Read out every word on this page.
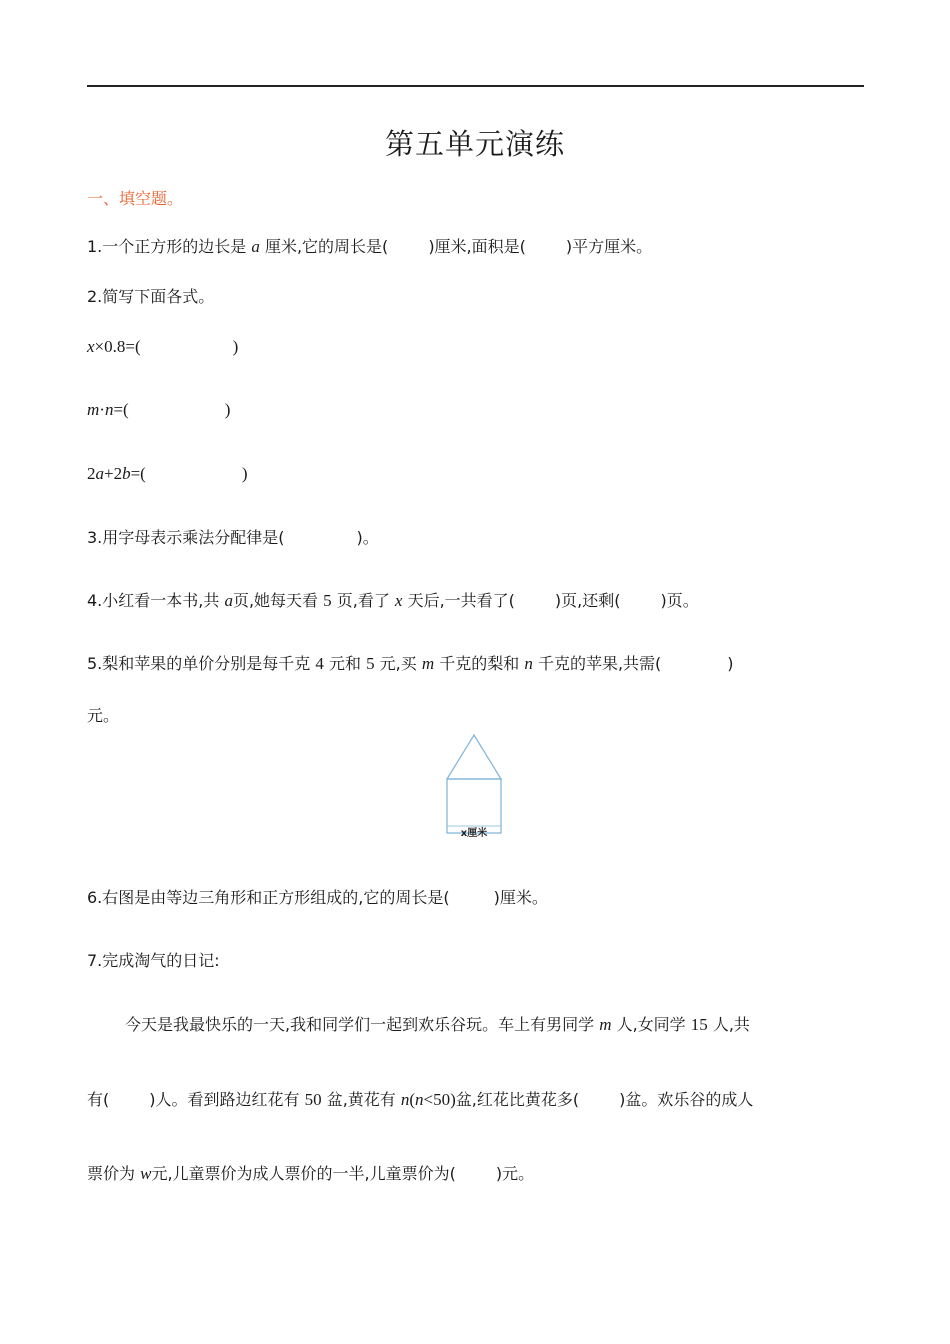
第五单元演练
一、填空题。
1.一个正方形的边长是 a 厘米,它的周长是(	)厘米,面积是(	)平方厘米。
2.简写下面各式。
x×0.8=(	)
m·n=(	)
2a+2b=(	)
3.用字母表示乘法分配律是(	)。
4.小红看一本书,共 a页,她每天看 5 页,看了 x 天后,一共看了(	)页,还剩(	)页。
5.梨和苹果的单价分别是每千克 4 元和 5 元,买 m 千克的梨和 n 千克的苹果,共需(	)
元。
x厘米
6.右图是由等边三角形和正方形组成的,它的周长是(	)厘米。
7.完成淘气的日记:
今天是我最快乐的一天,我和同学们一起到欢乐谷玩。车上有男同学 m 人,女同学 15 人,共
有(	)人。看到路边红花有 50 盆,黄花有 n(n<50)盆,红花比黄花多(	)盆。欢乐谷的成人
票价为 w元,儿童票价为成人票价的一半,儿童票价为(	)元。
